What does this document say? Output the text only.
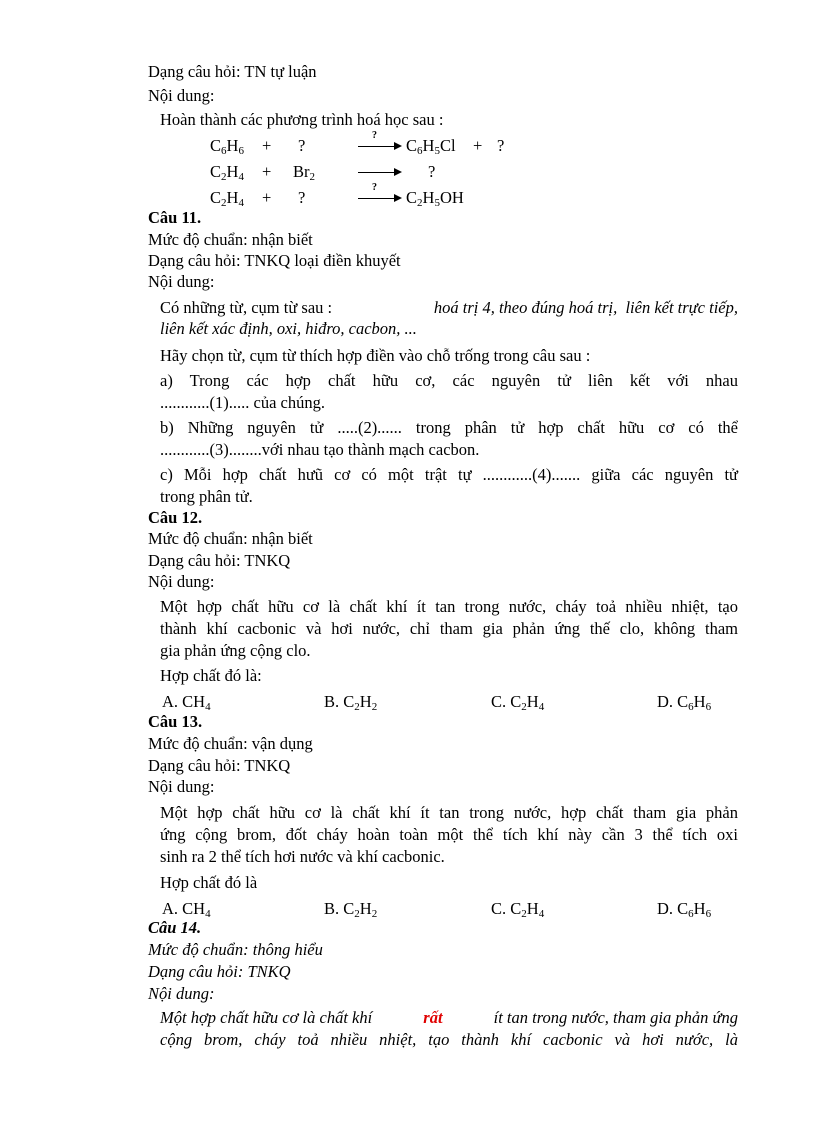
Dạng câu hỏi: TN tự luận
Nội dung:
Hoàn thành các phương trình hoá học sau :
$C_6H_6$ + ?
?
$C_6H_5Cl$ + ?
$C_2H_4 + Br_2$	?
$C_2H_4$ + ?
?
$C_2H_5OH$
Câu 11.
Mức độ chuẩn: nhận biết
Dạng câu hỏi: TNKQ loại điền khuyết
Nội dung:
Có những từ, cụm từ sau :	hoá trị 4, theo đúng hoá trị,  liên kết trực tiếp,
liên kết xác định, oxi, hiđro, cacbon, ...
Hãy chọn từ, cụm từ thích hợp điền vào chỗ trống trong câu sau :
a) Trong các hợp chất hữu cơ, các nguyên tử liên kết với nhau
............(1)..... của chúng.
b) Những nguyên tử .....(2)...... trong phân tử hợp chất hữu cơ có thể
............(3)........với nhau tạo thành mạch cacbon.
c) Mỗi hợp chất hưũ cơ có một trật tự ............(4)....... giữa các nguyên tử
trong phân tử.
Câu 12.
Mức độ chuẩn: nhận biết
Dạng câu hỏi: TNKQ
Nội dung:
Một hợp chất hữu cơ là chất khí ít tan trong nước, cháy toả nhiều nhiệt, tạo
thành khí cacbonic và hơi nước, chỉ tham gia phản ứng thế clo, không tham
gia phản ứng cộng clo.
Hợp chất đó là:
A. $CH_4$	B. $C_2H_2$	C. $C_2H_4$	D. $C_6H_6$
Câu 13.
Mức độ chuẩn: vận dụng
Dạng câu hỏi: TNKQ
Nội dung:
Một hợp chất hữu cơ là chất khí ít tan trong nước, hợp chất tham gia phản
ứng cộng brom, đốt cháy hoàn toàn một thể tích khí này cần 3 thể tích oxi
sinh ra 2 thể tích hơi nước và khí cacbonic.
Hợp chất đó là
A. $CH_4$	B. $C_2H_2$	C. $C_2H_4$	D. $C_6H_6$
Câu 14.
Mức độ chuẩn: thông hiểu
Dạng câu hỏi: TNKQ
Nội dung:
Một hợp chất hữu cơ là chất khí	rất	ít tan trong nước, tham gia phản ứng
cộng brom, cháy toả nhiều nhiệt, tạo thành khí cacbonic và hơi nước, là
